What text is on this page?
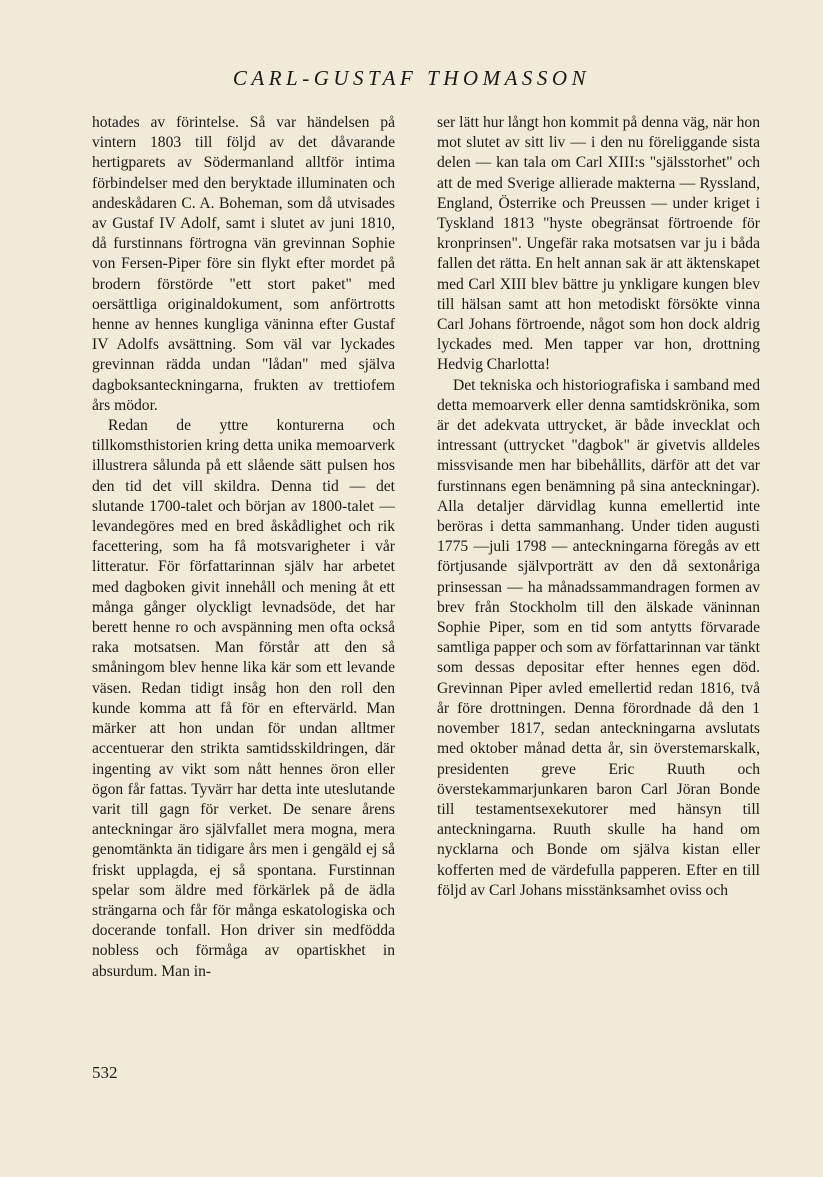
CARL-GUSTAF THOMASSON

hotades av förintelse. Så var händelsen på vintern 1803 till följd av det dåvarande hertigparets av Södermanland alltför intima förbindelser med den beryktade illuminaten och andeskådaren C. A. Boheman, som då utvisades av Gustaf IV Adolf, samt i slutet av juni 1810, då furstinnans förtrogna vän grevinnan Sophie von Fersen-Piper före sin flykt efter mordet på brodern förstörde "ett stort paket" med oersättliga originaldokument, som anförtrotts henne av hennes kungliga väninna efter Gustaf IV Adolfs avsättning. Som väl var lyckades grevinnan rädda undan "lådan" med själva dagboksanteckningarna, frukten av trettiofem års mödor.

Redan de yttre konturerna och tillkomsthistorien kring detta unika memoarverk illustrera sålunda på ett slående sätt pulsen hos den tid det vill skildra. Denna tid — det slutande 1700-talet och början av 1800-talet — levandegöres med en bred åskådlighet och rik facettering, som ha få motsvarigheter i vår litteratur. För författarinnan själv har arbetet med dagboken givit innehåll och mening åt ett många gånger olyckligt levnadsöde, det har berett henne ro och avspänning men ofta också raka motsatsen. Man förstår att den så småningom blev henne lika kär som ett levande väsen. Redan tidigt insåg hon den roll den kunde komma att få för en eftervärld. Man märker att hon undan för undan alltmer accentuerar den strikta samtidsskildringen, där ingenting av vikt som nått hennes öron eller ögon får fattas. Tyvärr har detta inte uteslutande varit till gagn för verket. De senare årens anteckningar äro självfallet mera mogna, mera genomtänkta än tidigare års men i gengäld ej så friskt upplagda, ej så spontana. Furstinnan spelar som äldre med förkärlek på de ädla strängarna och får för många eskatologiska och docerande tonfall. Hon driver sin medfödda nobless och förmåga av opartiskhet in absurdum. Man in-

ser lätt hur långt hon kommit på denna väg, när hon mot slutet av sitt liv — i den nu föreliggande sista delen — kan tala om Carl XIII:s "själsstorhet" och att de med Sverige allierade makterna — Ryssland, England, Österrike och Preussen — under kriget i Tyskland 1813 "hyste obegränsat förtroende för kronprinsen". Ungefär raka motsatsen var ju i båda fallen det rätta. En helt annan sak är att äktenskapet med Carl XIII blev bättre ju ynkligare kungen blev till hälsan samt att hon metodiskt försökte vinna Carl Johans förtroende, något som hon dock aldrig lyckades med. Men tapper var hon, drottning Hedvig Charlotta!

Det tekniska och historiografiska i samband med detta memoarverk eller denna samtidskrönika, som är det adekvata uttrycket, är både invecklat och intressant (uttrycket "dagbok" är givetvis alldeles missvisande men har bibehållits, därför att det var furstinnans egen benämning på sina anteckningar). Alla detaljer därvidlag kunna emellertid inte beröras i detta sammanhang. Under tiden augusti 1775 —juli 1798 — anteckningarna föregås av ett förtjusande självporträtt av den då sextonåriga prinsessan — ha månadssammandragen formen av brev från Stockholm till den älskade väninnan Sophie Piper, som en tid som antytts förvarade samtliga papper och som av författarinnan var tänkt som dessas depositar efter hennes egen död. Grevinnan Piper avled emellertid redan 1816, två år före drottningen. Denna förordnade då den 1 november 1817, sedan anteckningarna avslutats med oktober månad detta år, sin överstemarskalk, presidenten greve Eric Ruuth och överstekammarjunkaren baron Carl Jöran Bonde till testamentsexekutorer med hänsyn till anteckningarna. Ruuth skulle ha hand om nycklarna och Bonde om själva kistan eller kofferten med de värdefulla papperen. Efter en till följd av Carl Johans misstänksamhet oviss och

532
